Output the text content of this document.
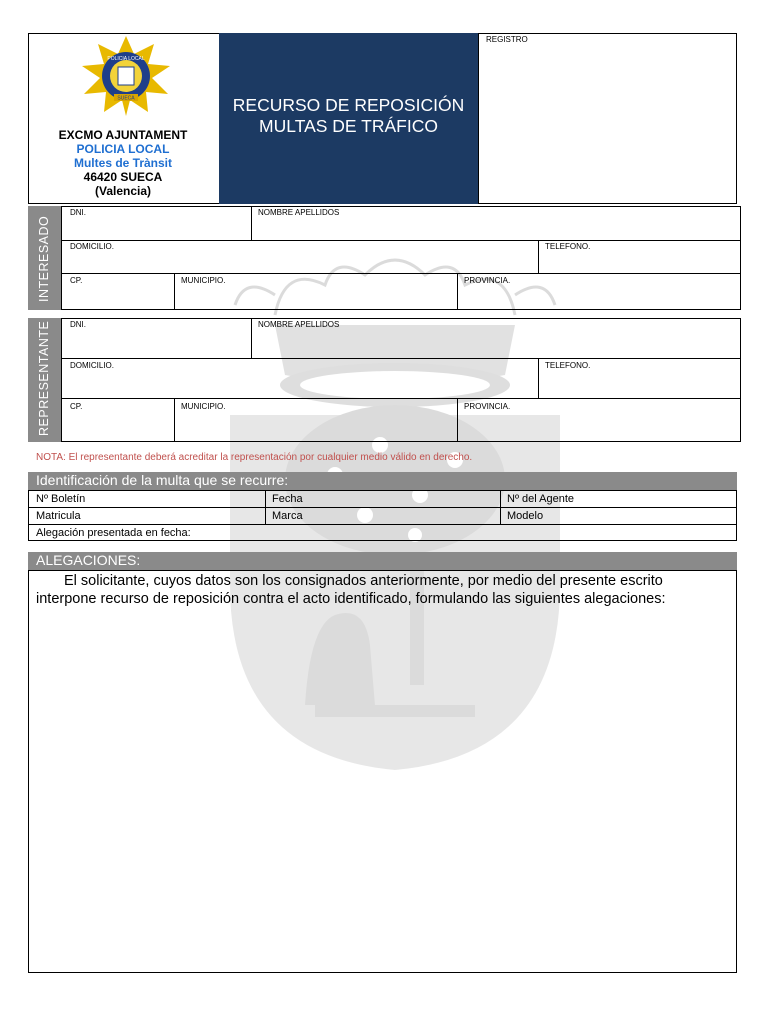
RECURSO DE REPOSICIÓN
MULTAS DE TRÁFICO
REGISTRO
POLICIA LOCAL
SUECA
EXCMO AJUNTAMENT
POLICIA LOCAL
Multes de Trànsit
46420 SUECA
(Valencia)
INTERESADO
DNI.	NOMBRE APELLIDOS
DOMICILIO.	TELEFONO.
CP.	MUNICIPIO.	PROVINCIA.
REPRESENTANTE DNI.	NOMBRE APELLIDOS
DOMICILIO.	TELEFONO.
CP.	MUNICIPIO.	PROVINCIA.
NOTA: El representante deberá acreditar la representación por cualquier medio válido en derecho.
Identificación de la multa que se recurre:
Nº Boletín	Fecha	Nº del Agente
Matricula	Marca	Modelo
Alegación presentada en fecha:
ALEGACIONES:
El solicitante, cuyos datos son los consignados anteriormente, por medio del presente escrito
interpone recurso de reposición contra el acto identificado, formulando las siguientes alegaciones:
